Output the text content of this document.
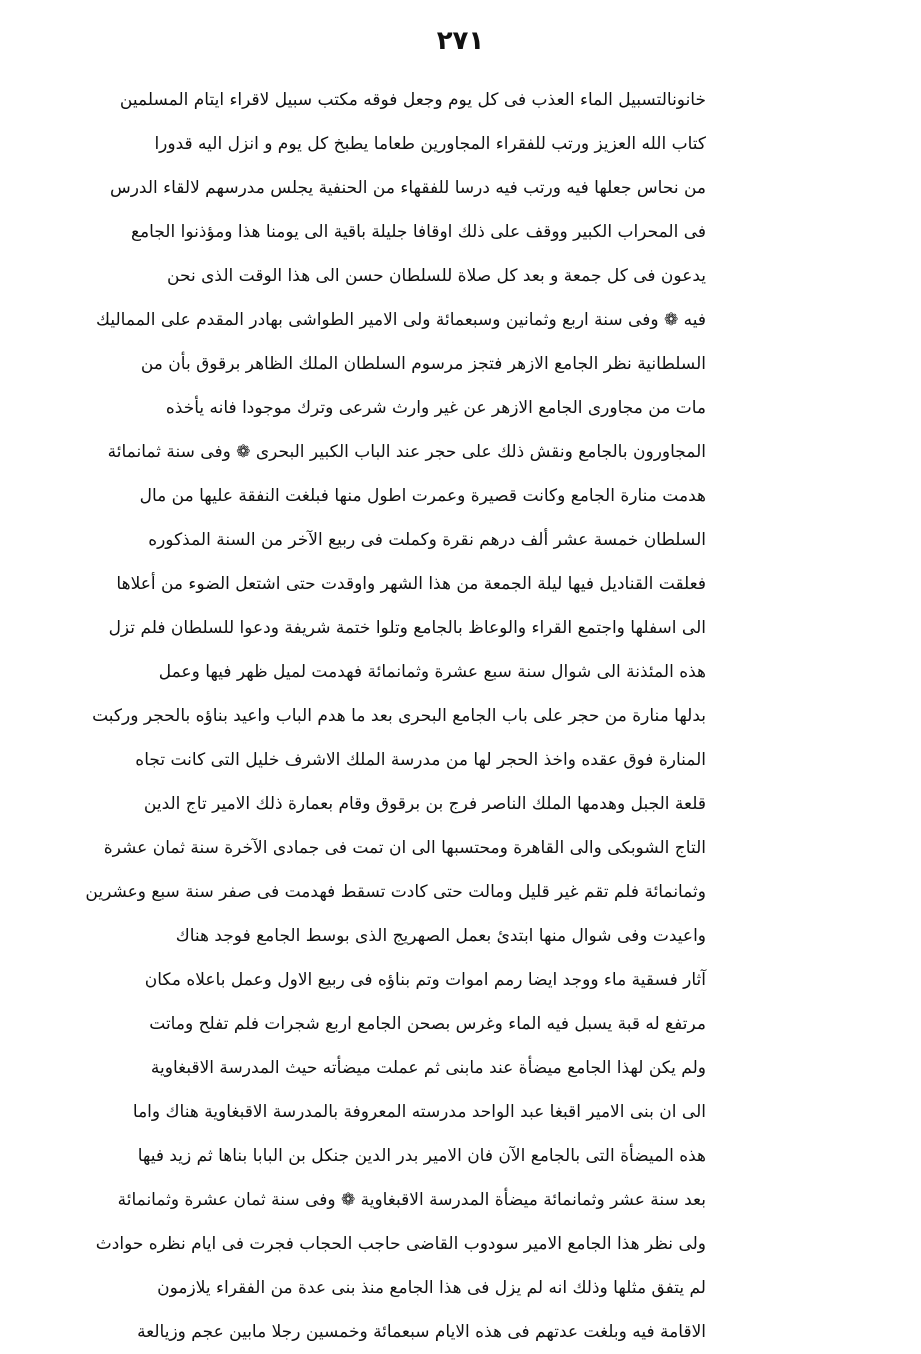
٢٧١
خانونالتسبيل الماء العذب فى كل يوم وجعل فوقه مكتب سبيل لاقراء ايتام المسلمين
كتاب الله العزيز ورتب للفقراء المجاورين طعاما يطبخ كل يوم و انزل اليه قدورا
من نحاس جعلها فيه ورتب فيه درسا للفقهاء من الحنفية يجلس مدرسهم لالقاء الدرس
فى المحراب الكبير ووقف على ذلك اوقافا جليلة باقية الى يومنا هذا ومؤذنوا الجامع
يدعون فى كل جمعة و بعد كل صلاة للسلطان حسن الى هذا الوقت الذى نحن
فيه ❁ وفى سنة اربع وثمانين وسبعمائة ولى الامير الطواشى بهادر المقدم على المماليك
السلطانية نظر الجامع الازهر فتجز مرسوم السلطان الملك الظاهر برقوق بأن من
مات من مجاورى الجامع الازهر عن غير وارث شرعى وترك موجودا فانه يأخذه
المجاورون بالجامع ونقش ذلك على حجر عند الباب الكبير البحرى ❁ وفى سنة ثمانمائة
هدمت منارة الجامع وكانت قصيرة وعمرت اطول منها فبلغت النفقة عليها من مال
السلطان خمسة عشر ألف درهم نقرة وكملت فى ربيع الآخر من السنة المذكوره
فعلقت القناديل فيها ليلة الجمعة من هذا الشهر واوقدت حتى اشتعل الضوء من أعلاها
الى اسفلها واجتمع القراء والوعاظ بالجامع وتلوا ختمة شريفة ودعوا للسلطان فلم تزل
هذه المئذنة الى شوال سنة سبع عشرة وثمانمائة فهدمت لميل ظهر فيها وعمل
بدلها منارة من حجر على باب الجامع البحرى بعد ما هدم الباب واعيد بناؤه بالحجر وركبت
المنارة فوق عقده واخذ الحجر لها من مدرسة الملك الاشرف خليل التى كانت تجاه
قلعة الجبل وهدمها الملك الناصر فرج بن برقوق وقام بعمارة ذلك الامير تاج الدين
التاج الشوبكى والى القاهرة ومحتسبها الى ان تمت فى جمادى الآخرة سنة ثمان عشرة
وثمانمائة فلم تقم غير قليل ومالت حتى كادت تسقط فهدمت فى صفر سنة سبع وعشرين
واعيدت وفى شوال منها ابتدئ بعمل الصهريج الذى بوسط الجامع فوجد هناك
آثار فسقية ماء ووجد ايضا رمم اموات وتم بناؤه فى ربيع الاول وعمل باعلاه مكان
مرتفع له قبة يسبل فيه الماء وغرس بصحن الجامع اربع شجرات فلم تفلح وماتت
ولم يكن لهذا الجامع ميضأة عند مابنى ثم عملت ميضأته حيث المدرسة الاقبغاوية
الى ان بنى الامير اقبغا عبد الواحد مدرسته المعروفة بالمدرسة الاقبغاوية هناك واما
هذه الميضأة التى بالجامع الآن فان الامير بدر الدين جنكل بن البابا بناها ثم زيد فيها
بعد سنة عشر وثمانمائة ميضأة المدرسة الاقبغاوية ❁ وفى سنة ثمان عشرة وثمانمائة
ولى نظر هذا الجامع الامير سودوب القاضى حاجب الحجاب فجرت فى ايام نظره حوادث
لم يتفق مثلها وذلك انه لم يزل فى هذا الجامع منذ بنى عدة من الفقراء يلازمون
الاقامة فيه وبلغت عدتهم فى هذه الايام سبعمائة وخمسين رجلا مابين عجم وزيالعة
